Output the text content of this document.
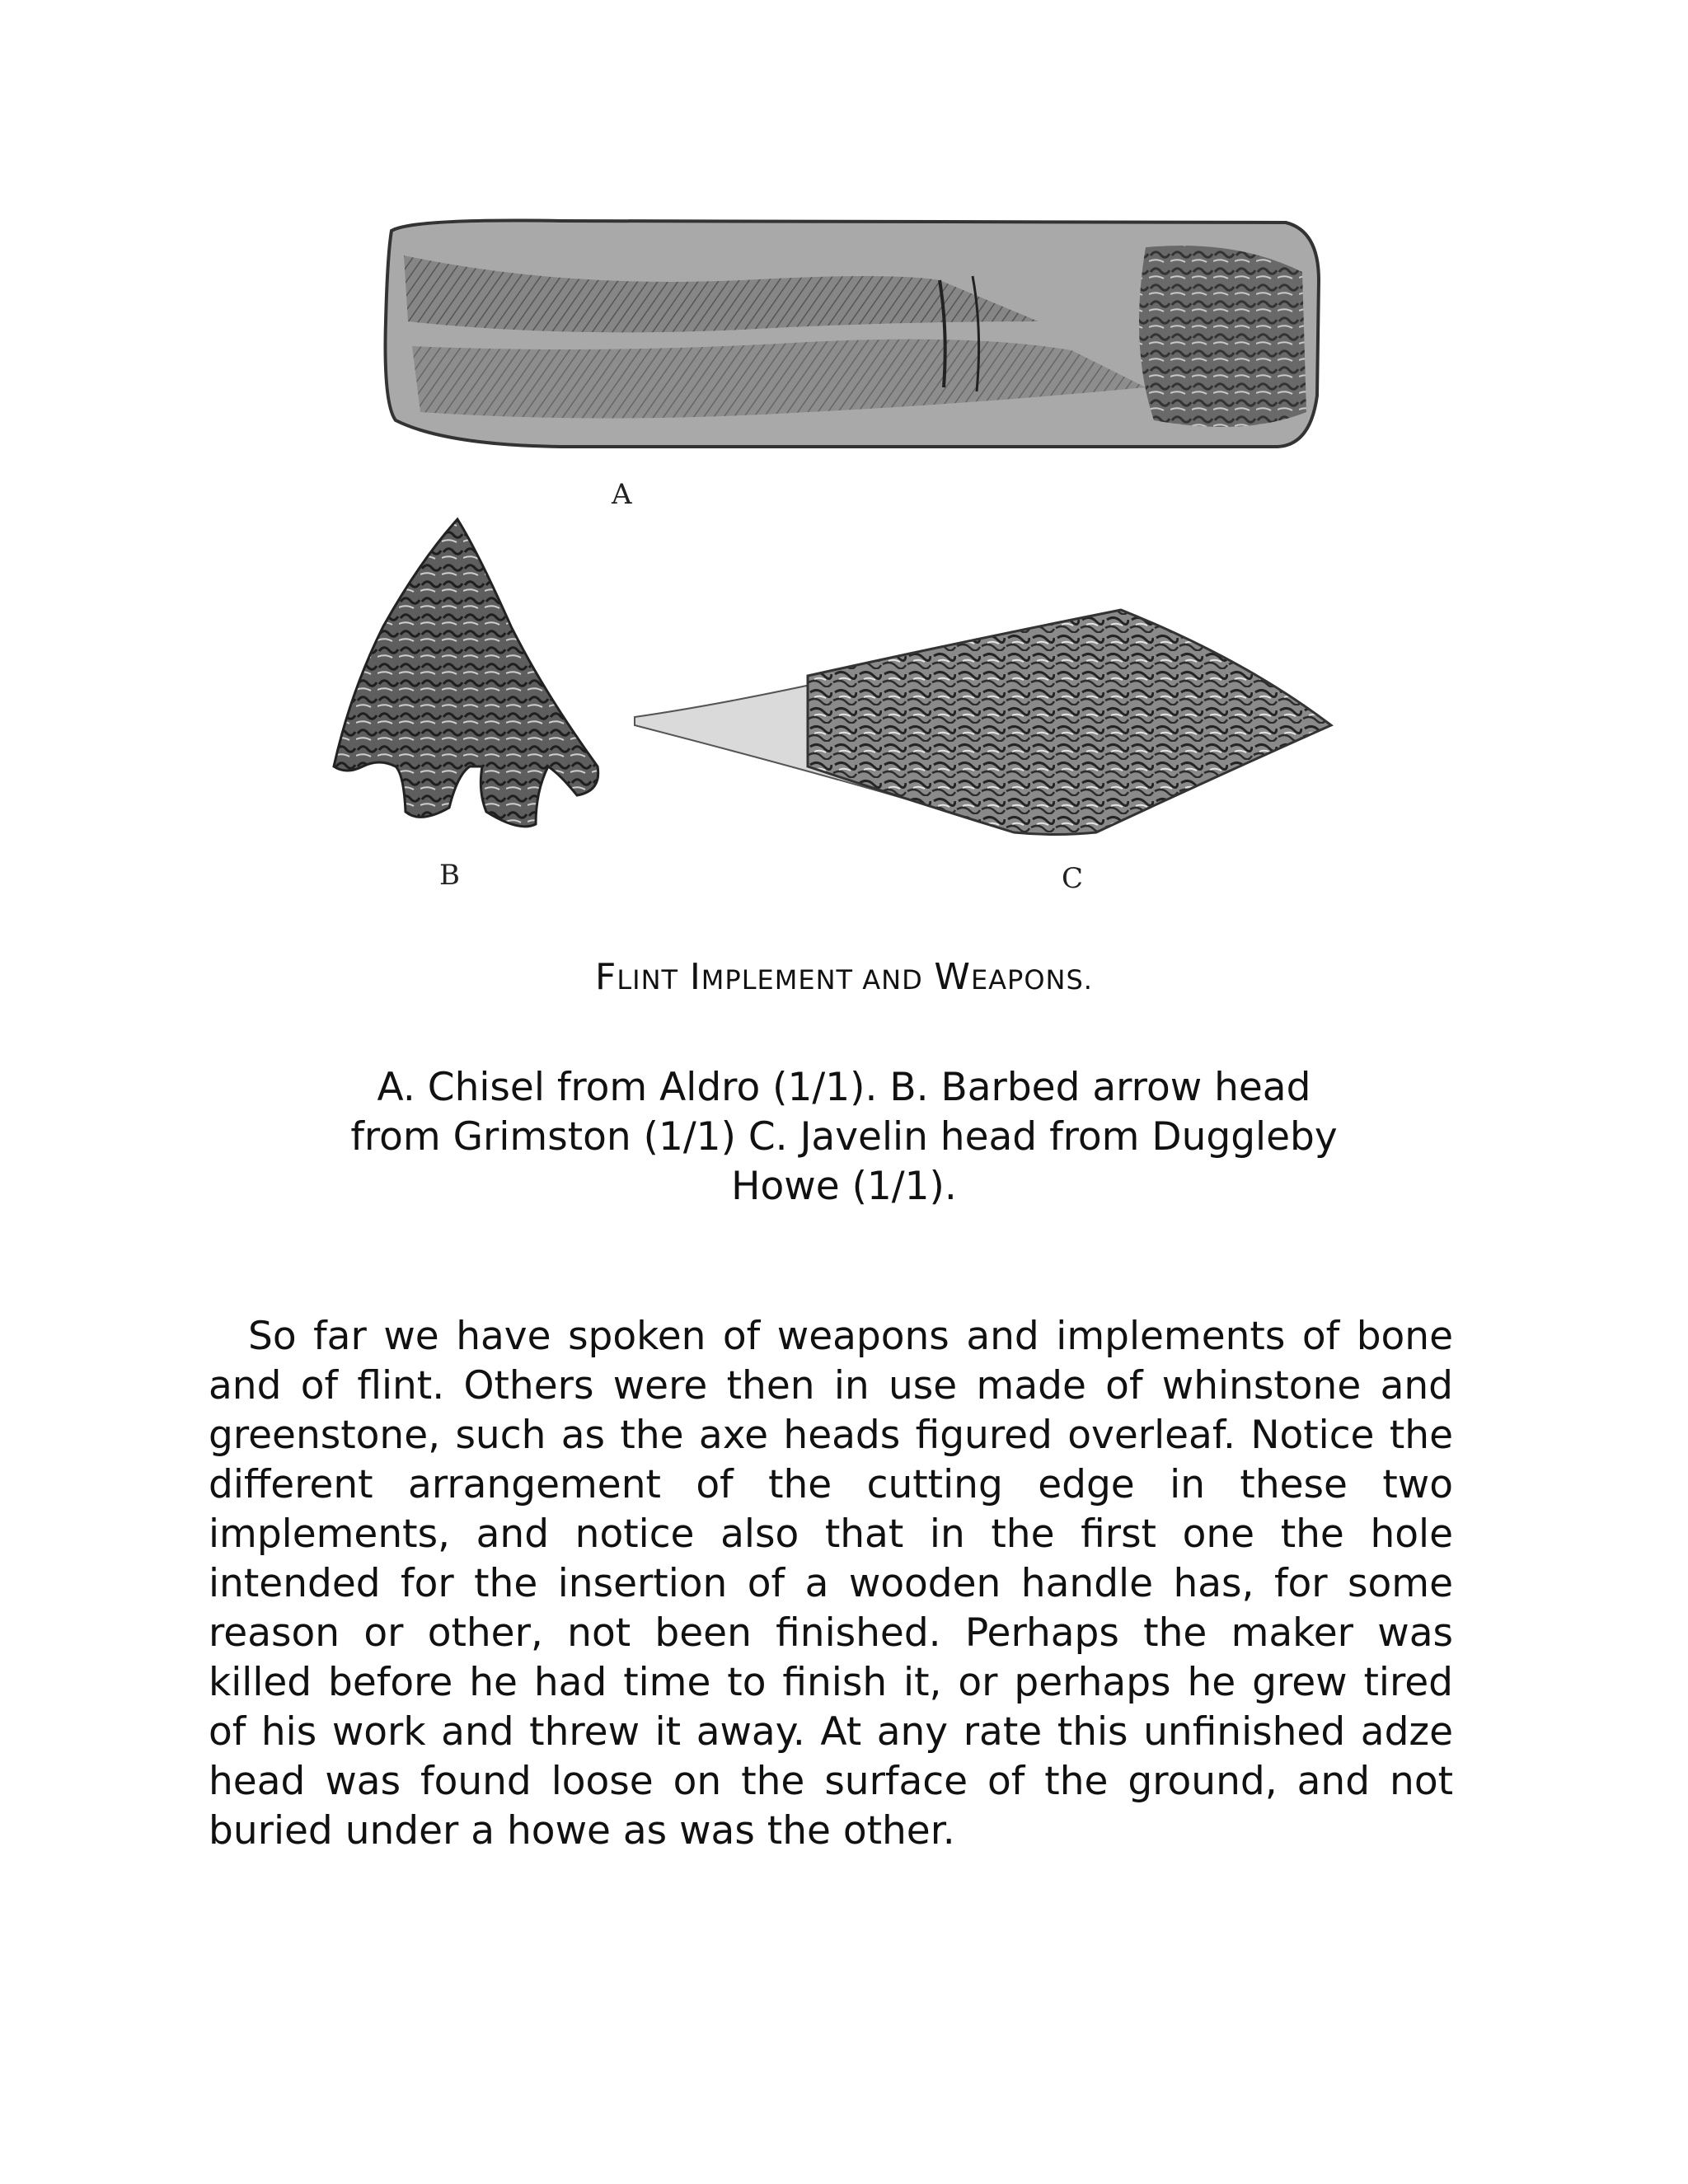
A
B	C
FLINT IMPLEMENT AND WEAPONS.
A. Chisel from Aldro (1/1). B. Barbed arrow head from Grimston (1/1) C. Javelin head from Duggleby Howe (1/1).

So far we have spoken of weapons and implements of bone and of flint. Others were then in use made of whinstone and greenstone, such as the axe heads figured overleaf. Notice the different arrangement of the cutting edge in these two implements, and notice also that in the first one the hole intended for the insertion of a wooden handle has, for some reason or other, not been finished. Perhaps the maker was killed before he had time to finish it, or perhaps he grew tired of his work and threw it away. At any rate this unfinished adze head was found loose on the surface of the ground, and not buried under a howe as was the other.
